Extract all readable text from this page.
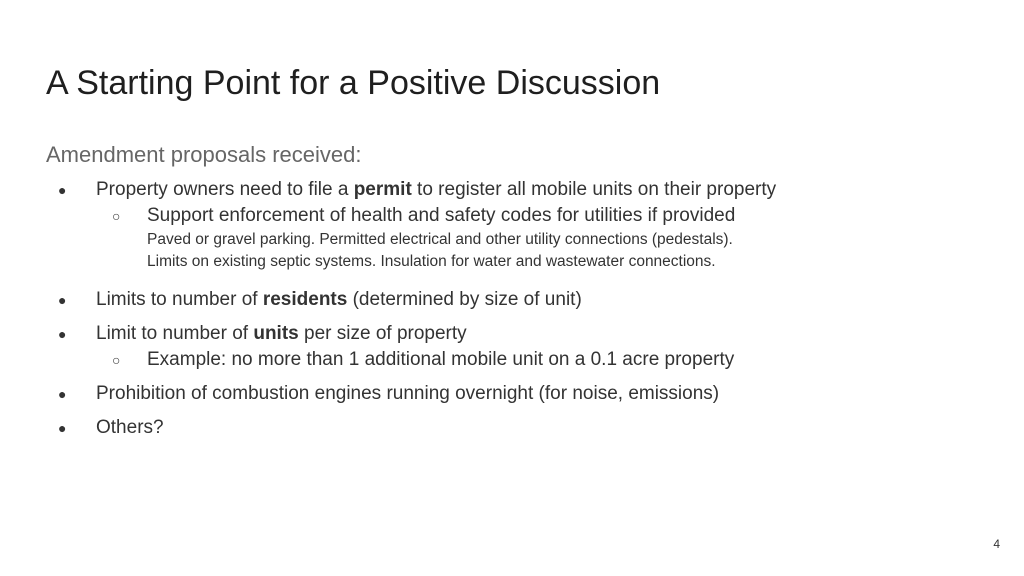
A Starting Point for a Positive Discussion
Amendment proposals received:
● Property owners need to file a permit to register all mobile units on their property
○ Support enforcement of health and safety codes for utilities if provided
Paved or gravel parking. Permitted electrical and other utility connections (pedestals).
Limits on existing septic systems. Insulation for water and wastewater connections.
● Limits to number of residents (determined by size of unit)
● Limit to number of units per size of property
○ Example: no more than 1 additional mobile unit on a 0.1 acre property
● Prohibition of combustion engines running overnight (for noise, emissions)
● Others?
4
